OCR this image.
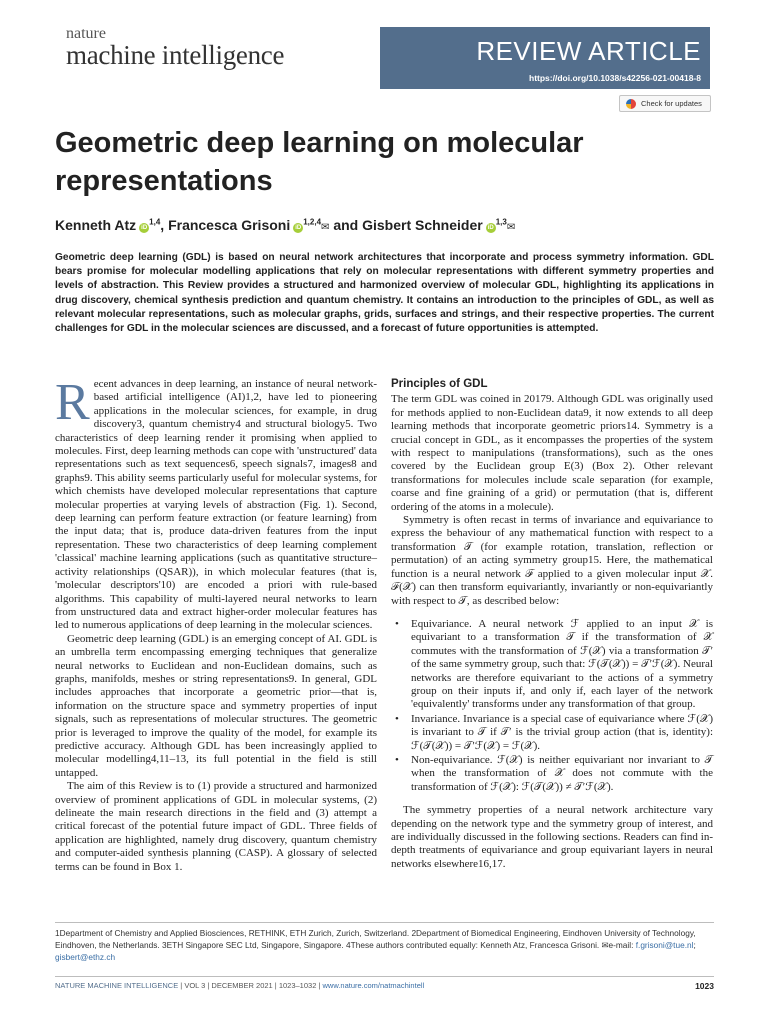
nature
machine intelligence	REVIEW ARTICLE
https://doi.org/10.1038/s42256-021-00418-8
Check for updates
Geometric deep learning on molecular representations
Kenneth Atz iD$^{1,4}$, Francesca Grisoni iD$^{1,2,4}$✉ and Gisbert Schneider iD$^{1,3}$✉

Geometric deep learning (GDL) is based on neural network architectures that incorporate and process symmetry information. GDL bears promise for molecular modelling applications that rely on molecular representations with different symmetry properties and levels of abstraction. This Review provides a structured and harmonized overview of molecular GDL, highlighting its applications in drug discovery, chemical synthesis prediction and quantum chemistry. It contains an introduction to the principles of GDL, as well as relevant molecular representations, such as molecular graphs, grids, surfaces and strings, and their respective properties. The current challenges for GDL in the molecular sciences are discussed, and a forecast of future opportunities is attempted.

Recent advances in deep learning, an instance of neural network-based artificial intelligence (AI)1,2, have led to pioneering applications in the molecular sciences, for example, in drug discovery3, quantum chemistry4 and structural biology5. Two characteristics of deep learning render it promising when applied to molecules. First, deep learning methods can cope with 'unstructured' data representations such as text sequences6, speech signals7, images8 and graphs9. This ability seems particularly useful for molecular systems, for which chemists have developed molecular representations that capture molecular properties at varying levels of abstraction (Fig. 1). Second, deep learning can perform feature extraction (or feature learning) from the input data; that is, produce data-driven features from the input representation. These two characteristics of deep learning complement 'classical' machine learning applications (such as quantitative structure–activity relationships (QSAR)), in which molecular features (that is, 'molecular descriptors'10) are encoded a priori with rule-based algorithms. This capability of multi-layered neural networks to learn from unstructured data and extract higher-order molecular features has led to numerous applications of deep learning in the molecular sciences.

Geometric deep learning (GDL) is an emerging concept of AI. GDL is an umbrella term encompassing emerging techniques that generalize neural networks to Euclidean and non-Euclidean domains, such as graphs, manifolds, meshes or string representations9. In general, GDL includes approaches that incorporate a geometric prior—that is, information on the structure space and symmetry properties of input signals, such as representations of molecular structures. The geometric prior is leveraged to improve the quality of the model, for example its predictive accuracy. Although GDL has been increasingly applied to molecular modelling4,11–13, its full potential in the field is still untapped.

The aim of this Review is to (1) provide a structured and harmonized overview of prominent applications of GDL in molecular systems, (2) delineate the main research directions in the field and (3) attempt a critical forecast of the potential future impact of GDL. Three fields of application are highlighted, namely drug discovery, quantum chemistry and computer-aided synthesis planning (CASP). A glossary of selected terms can be found in Box 1.

Principles of GDL

The term GDL was coined in 20179. Although GDL was originally used for methods applied to non-Euclidean data9, it now extends to all deep learning methods that incorporate geometric priors14. Symmetry is a crucial concept in GDL, as it encompasses the properties of the system with respect to manipulations (transformations), such as the ones covered by the Euclidean group E(3) (Box 2). Other relevant transformations for molecules include scale separation (for example, coarse and fine graining of a grid) or permutation (that is, different ordering of the atoms in a molecule).

Symmetry is often recast in terms of invariance and equivariance to express the behaviour of any mathematical function with respect to a transformation 𝒯 (for example rotation, translation, reflection or permutation) of an acting symmetry group15. Here, the mathematical function is a neural network ℱ applied to a given molecular input 𝒳. ℱ(𝒳) can then transform equivariantly, invariantly or non-equivariantly with respect to 𝒯, as described below:

• Equivariance. A neural network ℱ applied to an input 𝒳 is equivariant to a transformation 𝒯 if the transformation of 𝒳 commutes with the transformation of ℱ(𝒳) via a transformation 𝒯′ of the same symmetry group, such that: ℱ(𝒯(𝒳)) = 𝒯′ℱ(𝒳). Neural networks are therefore equivariant to the actions of a symmetry group on their inputs if, and only if, each layer of the network 'equivalently' transforms under any transformation of that group.
• Invariance. Invariance is a special case of equivariance where ℱ(𝒳) is invariant to 𝒯 if 𝒯′ is the trivial group action (that is, identity): ℱ(𝒯(𝒳)) = 𝒯′ℱ(𝒳) = ℱ(𝒳).
• Non-equivariance. ℱ(𝒳) is neither equivariant nor invariant to 𝒯 when the transformation of 𝒳 does not commute with the transformation of ℱ(𝒳): ℱ(𝒯(𝒳)) ≠ 𝒯′ℱ(𝒳).

The symmetry properties of a neural network architecture vary depending on the network type and the symmetry group of interest, and are individually discussed in the following sections. Readers can find in-depth treatments of equivariance and group equivariant layers in neural networks elsewhere16,17.

1Department of Chemistry and Applied Biosciences, RETHINK, ETH Zurich, Zurich, Switzerland. 2Department of Biomedical Engineering, Eindhoven University of Technology, Eindhoven, the Netherlands. 3ETH Singapore SEC Ltd, Singapore, Singapore. 4These authors contributed equally: Kenneth Atz, Francesca Grisoni. ✉e-mail: f.grisoni@tue.nl; gisbert@ethz.ch

NATURE MACHINE INTELLIGENCE | VOL 3 | DECEMBER 2021 | 1023–1032 | www.nature.com/natmachintell	1023
